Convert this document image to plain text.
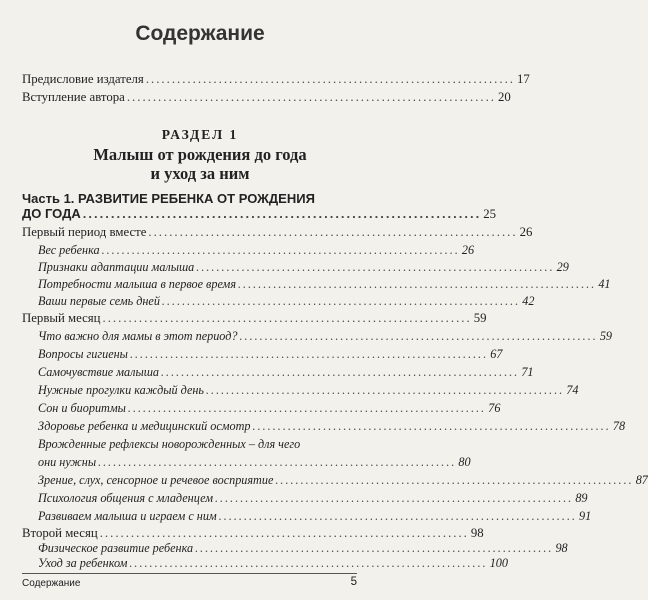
Содержание
Предисловие издателя ....................................................................... 17
Вступление автора ....................................................................... 20
РАЗДЕЛ 1
Малыш от рождения до года
и уход за ним
Часть 1. РАЗВИТИЕ РЕБЕНКА ОТ РОЖДЕНИЯ
ДО ГОДА ....................................................................... 25
Первый период вместе ....................................................................... 26
Вес ребенка ....................................................................... 26
Признаки адаптации малыша ....................................................................... 29
Потребности малыша в первое время ....................................................................... 41
Ваши первые семь дней ....................................................................... 42
Первый месяц ....................................................................... 59
Что важно для мамы в этот период? ....................................................................... 59
Вопросы гигиены ....................................................................... 67
Самочувствие малыша ....................................................................... 71
Нужные прогулки каждый день ....................................................................... 74
Сон и биоритмы ....................................................................... 76
Здоровье ребенка и медицинский осмотр ....................................................................... 78
Врожденные рефлексы новорожденных – для чего
они нужны ....................................................................... 80
Зрение, слух, сенсорное и речевое восприятие ....................................................................... 87
Психология общения с младенцем ....................................................................... 89
Развиваем малыша и играем с ним ....................................................................... 91
Второй месяц ....................................................................... 98
Физическое развитие ребенка ....................................................................... 98
Содержание	5
Уход за ребенком ....................................................................... 100
